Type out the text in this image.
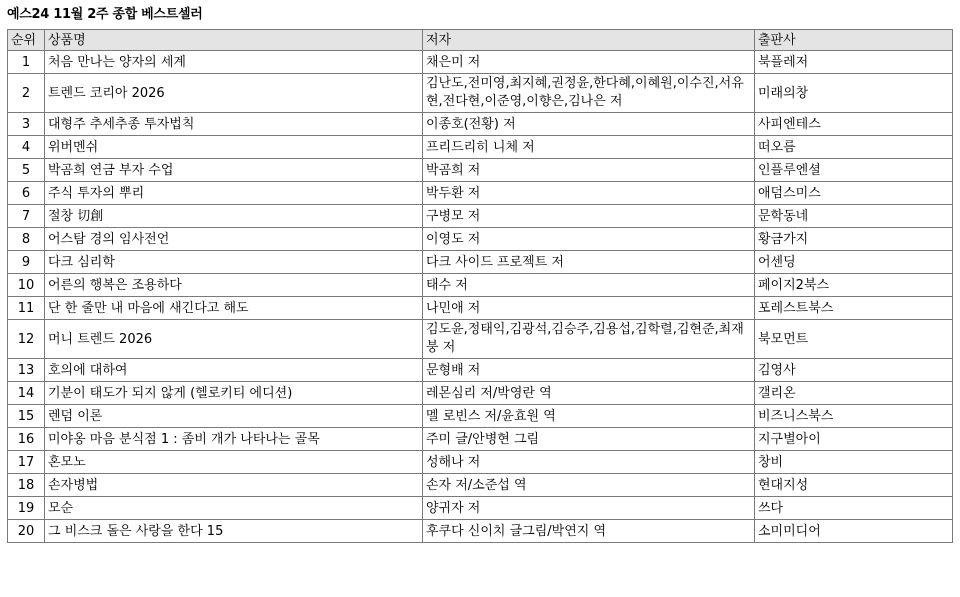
예스24 11월 2주 종합 베스트셀러
순위	상품명	저자	출판사
1	처음 만나는 양자의 세계	채은미 저	북플레저
2	트렌드 코리아 2026	김난도,전미영,최지혜,권정윤,한다혜,이혜원,이수진,서유현,전다현,이준영,이향은,김나은 저	미래의창
3	대형주 추세추종 투자법칙	이종호(전황) 저	사피엔테스
4	위버멘쉬	프리드리히 니체 저	떠오름
5	박곰희 연금 부자 수업	박곰희 저	인플루엔셜
6	주식 투자의 뿌리	박두환 저	애덤스미스
7	절창 切創	구병모 저	문학동네
8	어스탐 경의 임사전언	이영도 저	황금가지
9	다크 심리학	다크 사이드 프로젝트 저	어센딩
10	어른의 행복은 조용하다	태수 저	페이지2북스
11	단 한 줄만 내 마음에 새긴다고 해도	나민애 저	포레스트북스
12	머니 트렌드 2026	김도윤,정태익,김광석,김승주,김용섭,김학렬,김현준,최재붕 저	북모먼트
13	호의에 대하여	문형배 저	김영사
14	기분이 태도가 되지 않게 (헬로키티 에디션)	레몬심리 저/박영란 역	갤리온
15	렌덤 이론	멜 로빈스 저/윤효원 역	비즈니스북스
16	미야옹 마음 분식점 1 : 좀비 개가 나타나는 골목	주미 글/안병현 그림	지구별아이
17	혼모노	성해나 저	창비
18	손자병법	손자 저/소준섭 역	현대지성
19	모순	양귀자 저	쓰다
20	그 비스크 돌은 사랑을 한다 15	후쿠다 신이치 글그림/박연지 역	소미미디어
